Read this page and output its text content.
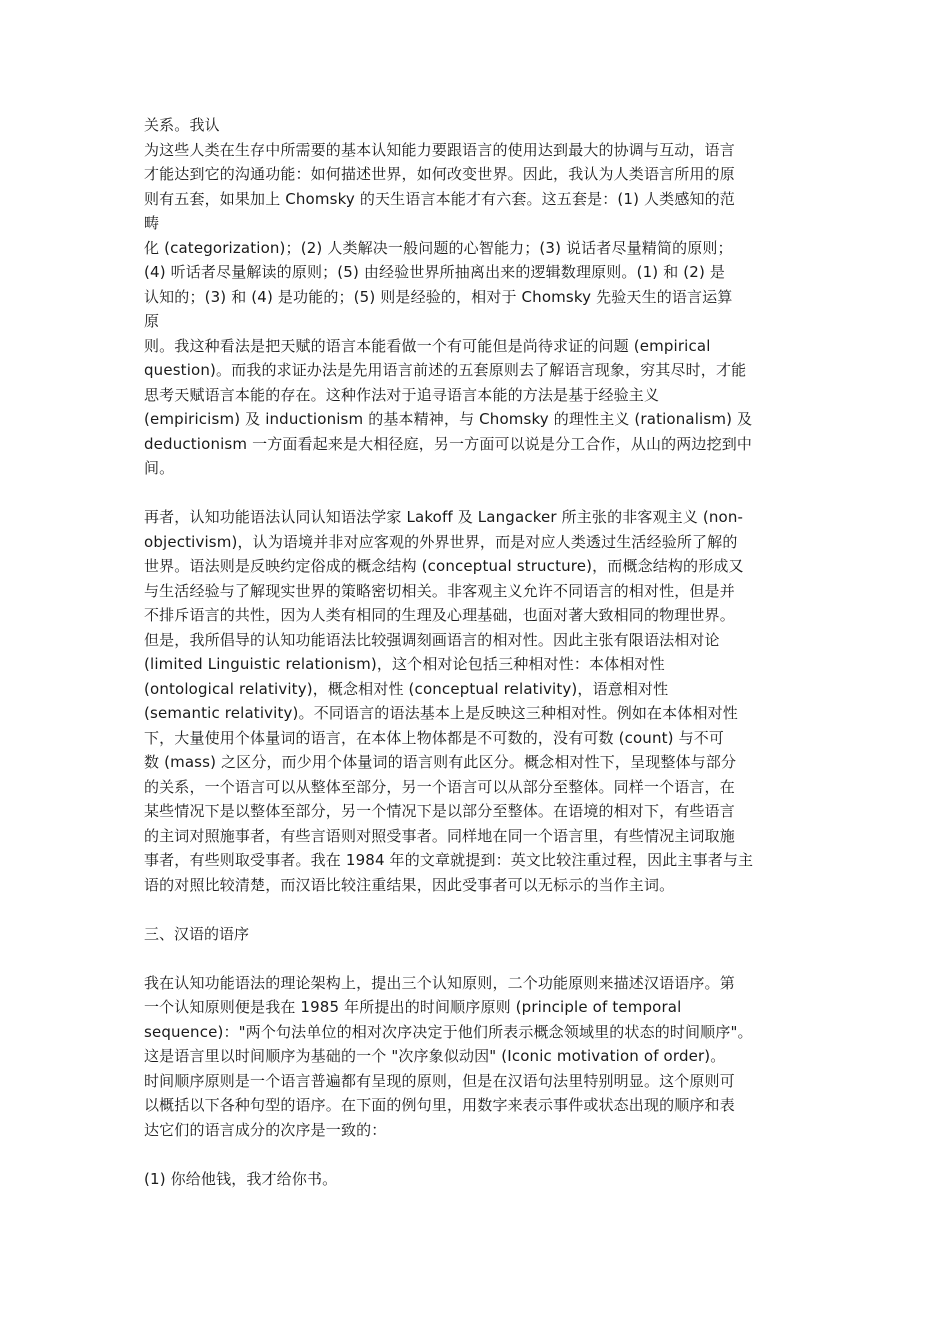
关系。我认
为这些人类在生存中所需要的基本认知能力要跟语言的使用达到最大的协调与互动，语言
才能达到它的沟通功能：如何描述世界，如何改变世界。因此，我认为人类语言所用的原
则有五套，如果加上 Chomsky 的天生语言本能才有六套。这五套是：(1) 人类感知的范
畴
化 (categorization)；(2) 人类解决一般问题的心智能力；(3) 说话者尽量精简的原则；
(4) 听话者尽量解读的原则；(5) 由经验世界所抽离出来的逻辑数理原则。(1) 和 (2) 是
认知的；(3) 和 (4) 是功能的；(5) 则是经验的，相对于 Chomsky 先验天生的语言运算
原
则。我这种看法是把天赋的语言本能看做一个有可能但是尚待求证的问题 (empirical
question)。而我的求证办法是先用语言前述的五套原则去了解语言现象，穷其尽时，才能
思考天赋语言本能的存在。这种作法对于追寻语言本能的方法是基于经验主义
(empiricism) 及 inductionism 的基本精神，与 Chomsky 的理性主义 (rationalism) 及
deductionism 一方面看起来是大相径庭，另一方面可以说是分工合作，从山的两边挖到中
间。
再者，认知功能语法认同认知语法学家 Lakoff 及 Langacker 所主张的非客观主义 (non-
objectivism)，认为语境并非对应客观的外界世界，而是对应人类透过生活经验所了解的
世界。语法则是反映约定俗成的概念结构 (conceptual structure)，而概念结构的形成又
与生活经验与了解现实世界的策略密切相关。非客观主义允许不同语言的相对性，但是并
不排斥语言的共性，因为人类有相同的生理及心理基础，也面对著大致相同的物理世界。
但是，我所倡导的认知功能语法比较强调刻画语言的相对性。因此主张有限语法相对论
(limited Linguistic relationism)，这个相对论包括三种相对性：本体相对性
(ontological relativity)，概念相对性 (conceptual relativity)，语意相对性
(semantic relativity)。不同语言的语法基本上是反映这三种相对性。例如在本体相对性
下，大量使用个体量词的语言，在本体上物体都是不可数的，没有可数 (count) 与不可
数 (mass) 之区分，而少用个体量词的语言则有此区分。概念相对性下，呈现整体与部分
的关系，一个语言可以从整体至部分，另一个语言可以从部分至整体。同样一个语言，在
某些情况下是以整体至部分，另一个情况下是以部分至整体。在语境的相对下，有些语言
的主词对照施事者，有些言语则对照受事者。同样地在同一个语言里，有些情况主词取施
事者，有些则取受事者。我在 1984 年的文章就提到：英文比较注重过程，因此主事者与主
语的对照比较清楚，而汉语比较注重结果，因此受事者可以无标示的当作主词。
三、汉语的语序
我在认知功能语法的理论架构上，提出三个认知原则，二个功能原则来描述汉语语序。第
一个认知原则便是我在 1985 年所提出的时间顺序原则 (principle of temporal
sequence)："两个句法单位的相对次序决定于他们所表示概念领域里的状态的时间顺序"。
这是语言里以时间顺序为基础的一个 "次序象似动因" (Iconic motivation of order)。
时间顺序原则是一个语言普遍都有呈现的原则，但是在汉语句法里特别明显。这个原则可
以概括以下各种句型的语序。在下面的例句里，用数字来表示事件或状态出现的顺序和表
达它们的语言成分的次序是一致的：
(1) 你给他钱，我才给你书。
